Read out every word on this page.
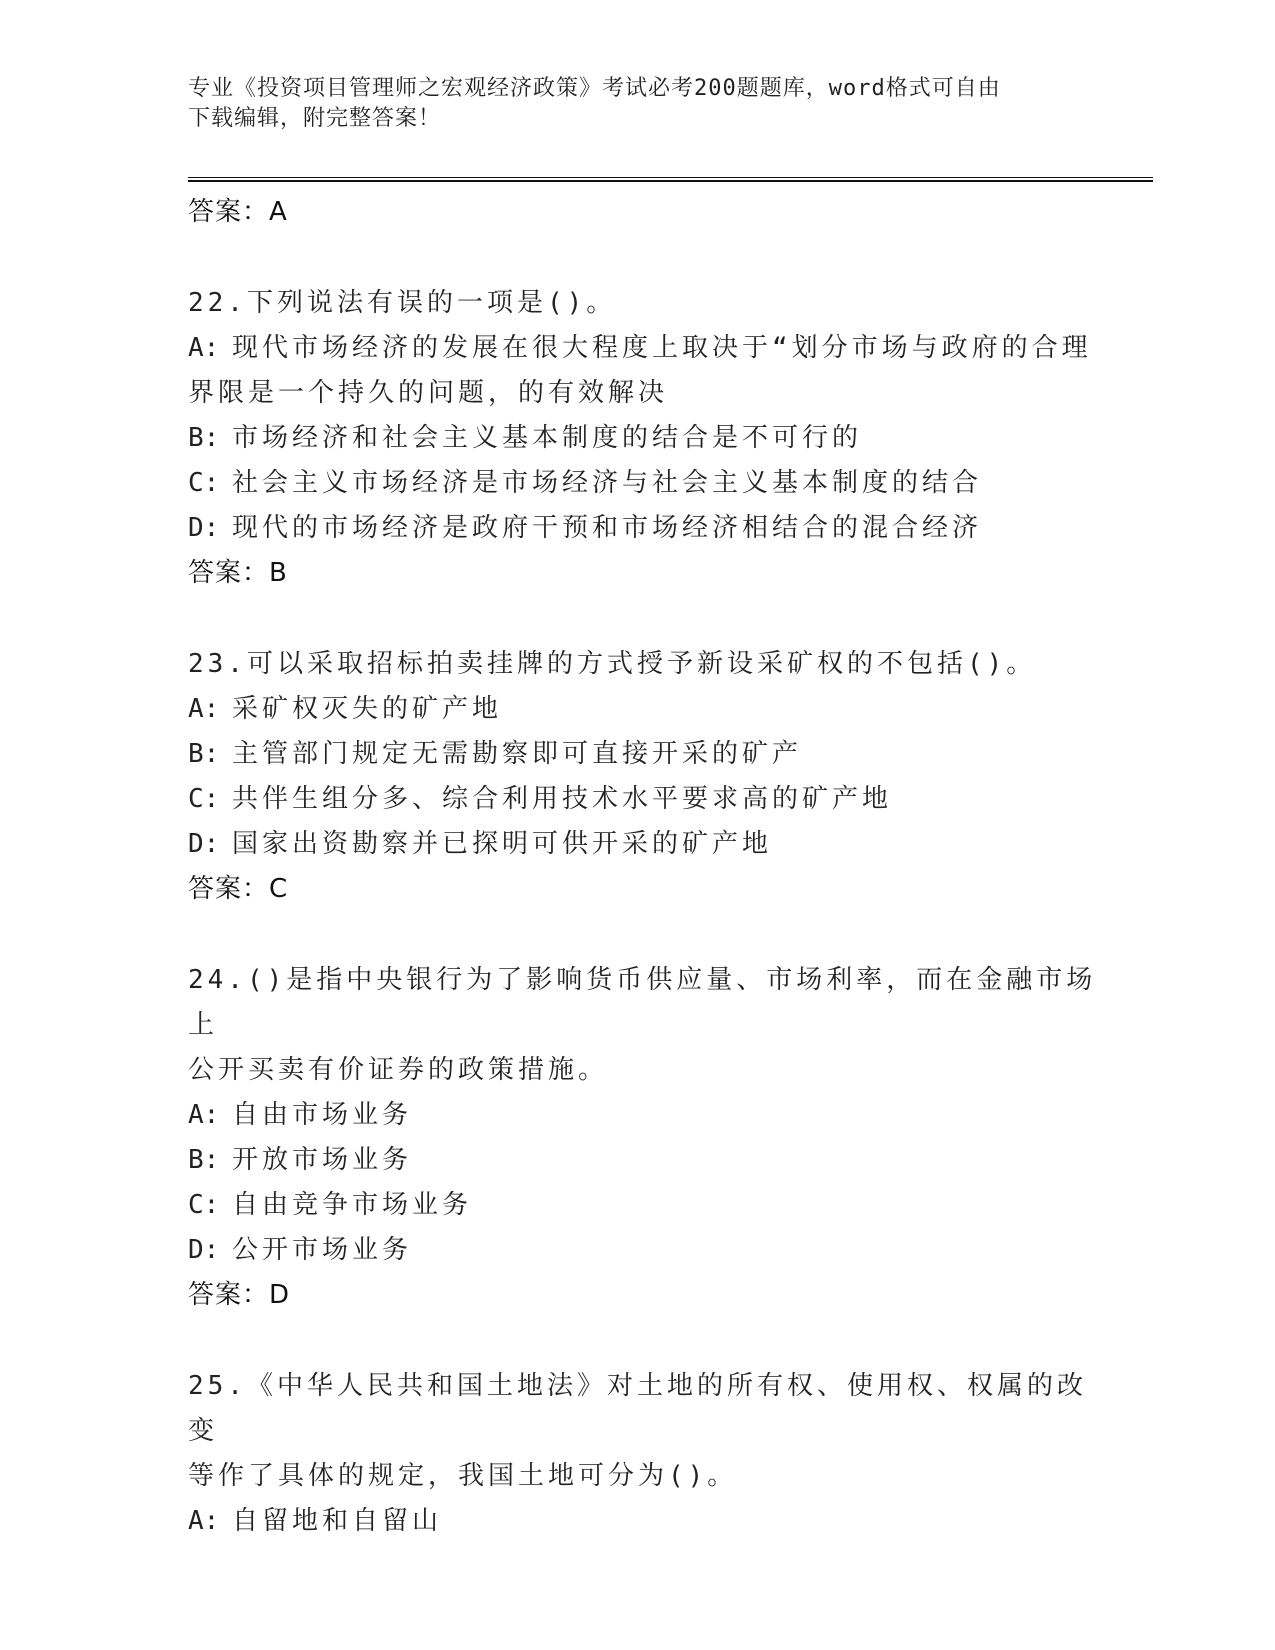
专业《投资项目管理师之宏观经济政策》考试必考200题题库，word格式可自由
下载编辑，附完整答案！
答案：A

22.下列说法有误的一项是()。

A: 现代市场经济的发展在很大程度上取决于“划分市场与政府的合理

界限是一个持久的问题，的有效解决

B: 市场经济和社会主义基本制度的结合是不可行的

C: 社会主义市场经济是市场经济与社会主义基本制度的结合

D: 现代的市场经济是政府干预和市场经济相结合的混合经济

答案：B

23.可以采取招标拍卖挂牌的方式授予新设采矿权的不包括()。

A: 采矿权灭失的矿产地

B: 主管部门规定无需勘察即可直接开采的矿产

C: 共伴生组分多、综合利用技术水平要求高的矿产地

D: 国家出资勘察并已探明可供开采的矿产地

答案：C

24.()是指中央银行为了影响货币供应量、市场利率，而在金融市场上

公开买卖有价证券的政策措施。

A: 自由市场业务

B: 开放市场业务

C: 自由竞争市场业务

D: 公开市场业务

答案：D

25.《中华人民共和国土地法》对土地的所有权、使用权、权属的改变

等作了具体的规定，我国土地可分为()。

A: 自留地和自留山
